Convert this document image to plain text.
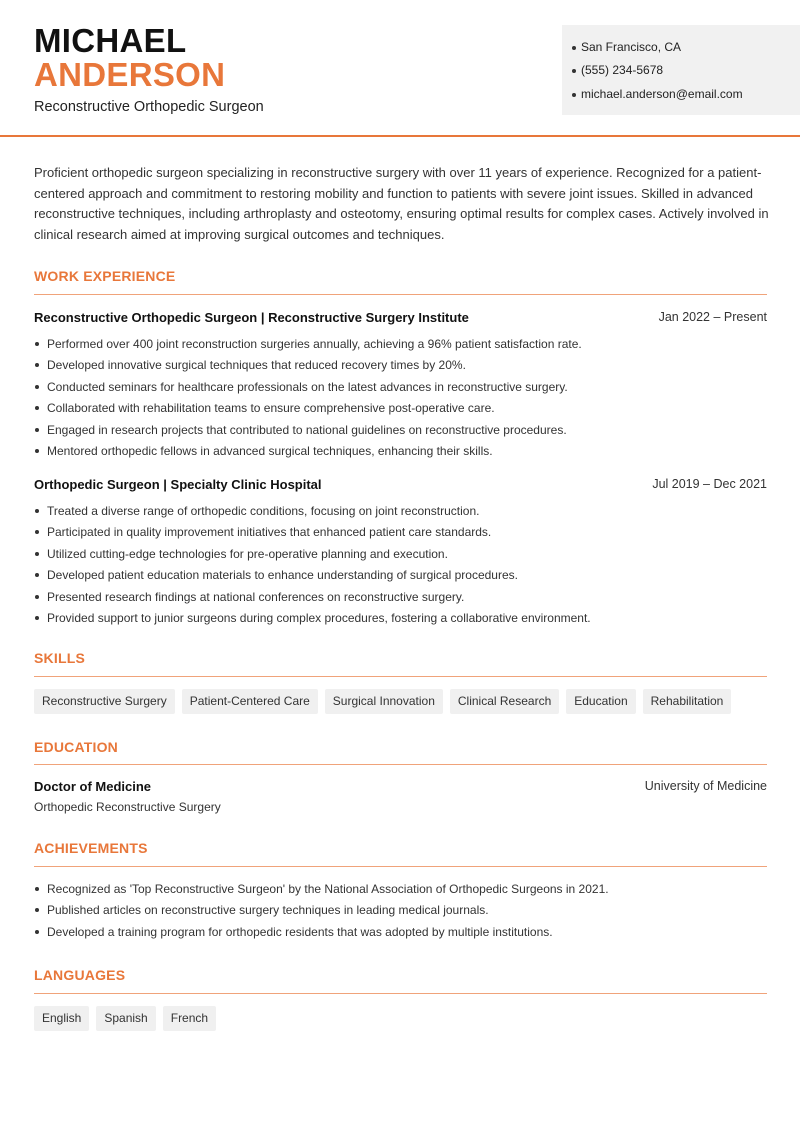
MICHAEL
ANDERSON
Reconstructive Orthopedic Surgeon
San Francisco, CA
(555) 234-5678
michael.anderson@email.com
Proficient orthopedic surgeon specializing in reconstructive surgery with over 11 years of experience. Recognized for a patient-centered approach and commitment to restoring mobility and function to patients with severe joint issues. Skilled in advanced reconstructive techniques, including arthroplasty and osteotomy, ensuring optimal results for complex cases. Actively involved in clinical research aimed at improving surgical outcomes and techniques.
WORK EXPERIENCE
Reconstructive Orthopedic Surgeon | Reconstructive Surgery Institute	Jan 2022 – Present
Performed over 400 joint reconstruction surgeries annually, achieving a 96% patient satisfaction rate.
Developed innovative surgical techniques that reduced recovery times by 20%.
Conducted seminars for healthcare professionals on the latest advances in reconstructive surgery.
Collaborated with rehabilitation teams to ensure comprehensive post-operative care.
Engaged in research projects that contributed to national guidelines on reconstructive procedures.
Mentored orthopedic fellows in advanced surgical techniques, enhancing their skills.
Orthopedic Surgeon | Specialty Clinic Hospital	Jul 2019 – Dec 2021
Treated a diverse range of orthopedic conditions, focusing on joint reconstruction.
Participated in quality improvement initiatives that enhanced patient care standards.
Utilized cutting-edge technologies for pre-operative planning and execution.
Developed patient education materials to enhance understanding of surgical procedures.
Presented research findings at national conferences on reconstructive surgery.
Provided support to junior surgeons during complex procedures, fostering a collaborative environment.
SKILLS
Reconstructive Surgery	Patient-Centered Care	Surgical Innovation	Clinical Research	Education	Rehabilitation
EDUCATION
Doctor of Medicine	University of Medicine
Orthopedic Reconstructive Surgery
ACHIEVEMENTS
Recognized as 'Top Reconstructive Surgeon' by the National Association of Orthopedic Surgeons in 2021.
Published articles on reconstructive surgery techniques in leading medical journals.
Developed a training program for orthopedic residents that was adopted by multiple institutions.
LANGUAGES
English	Spanish	French
